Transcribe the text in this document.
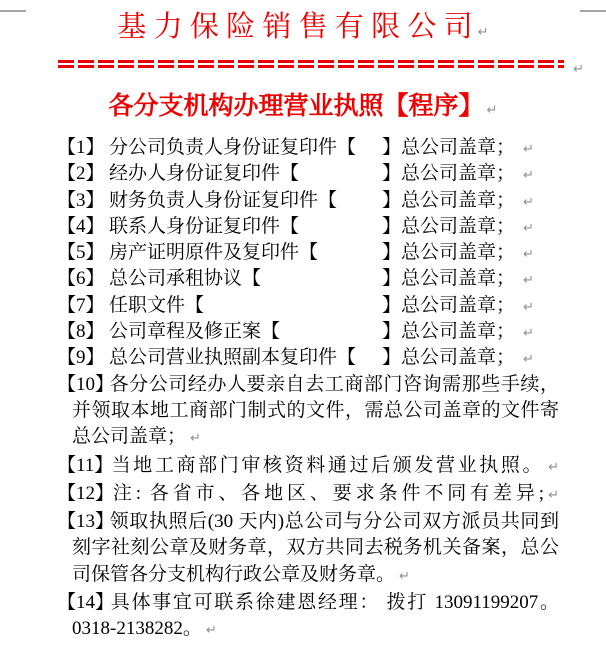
基 力 保 险 销 售 有 限 公 司 ↵
↵
各分支机构办理营业执照【程序】 ↵
【1】 分公司负责人身份证复印件【 】总公司盖章； ↵
【2】 经办人身份证复印件【	】总公司盖章； ↵
【3】 财务负责人身份证复印件【 】总公司盖章； ↵
【4】 联系人身份证复印件【	】总公司盖章； ↵
【5】 房产证明原件及复印件【	】总公司盖章； ↵
【6】 总公司承租协议【	】总公司盖章； ↵
【7】 任职文件【	】总公司盖章； ↵
【8】 公司章程及修正案【	】总公司盖章； ↵
【9】 总公司营业执照副本复印件【 】总公司盖章； ↵
【10】各分公司经办人要亲自去工商部门咨询需那些手续，
并领取本地工商部门制式的文件，需总公司盖章的文件寄
总公司盖章； ↵
【11】当地工商部门审核资料通过后颁发营业执照。 ↵
【12】注: 各省市、各地区、要求条件不同有差异; ↵
【13】领取执照后(30 天内)总公司与分公司双方派员共同到
刻字社刻公章及财务章，双方共同去税务机关备案，总公
司保管各分支机构行政公章及财务章。 ↵
【14】具体事宜可联系徐建恩经理： 拨打 13091199207。
0318-2138282。 ↵
